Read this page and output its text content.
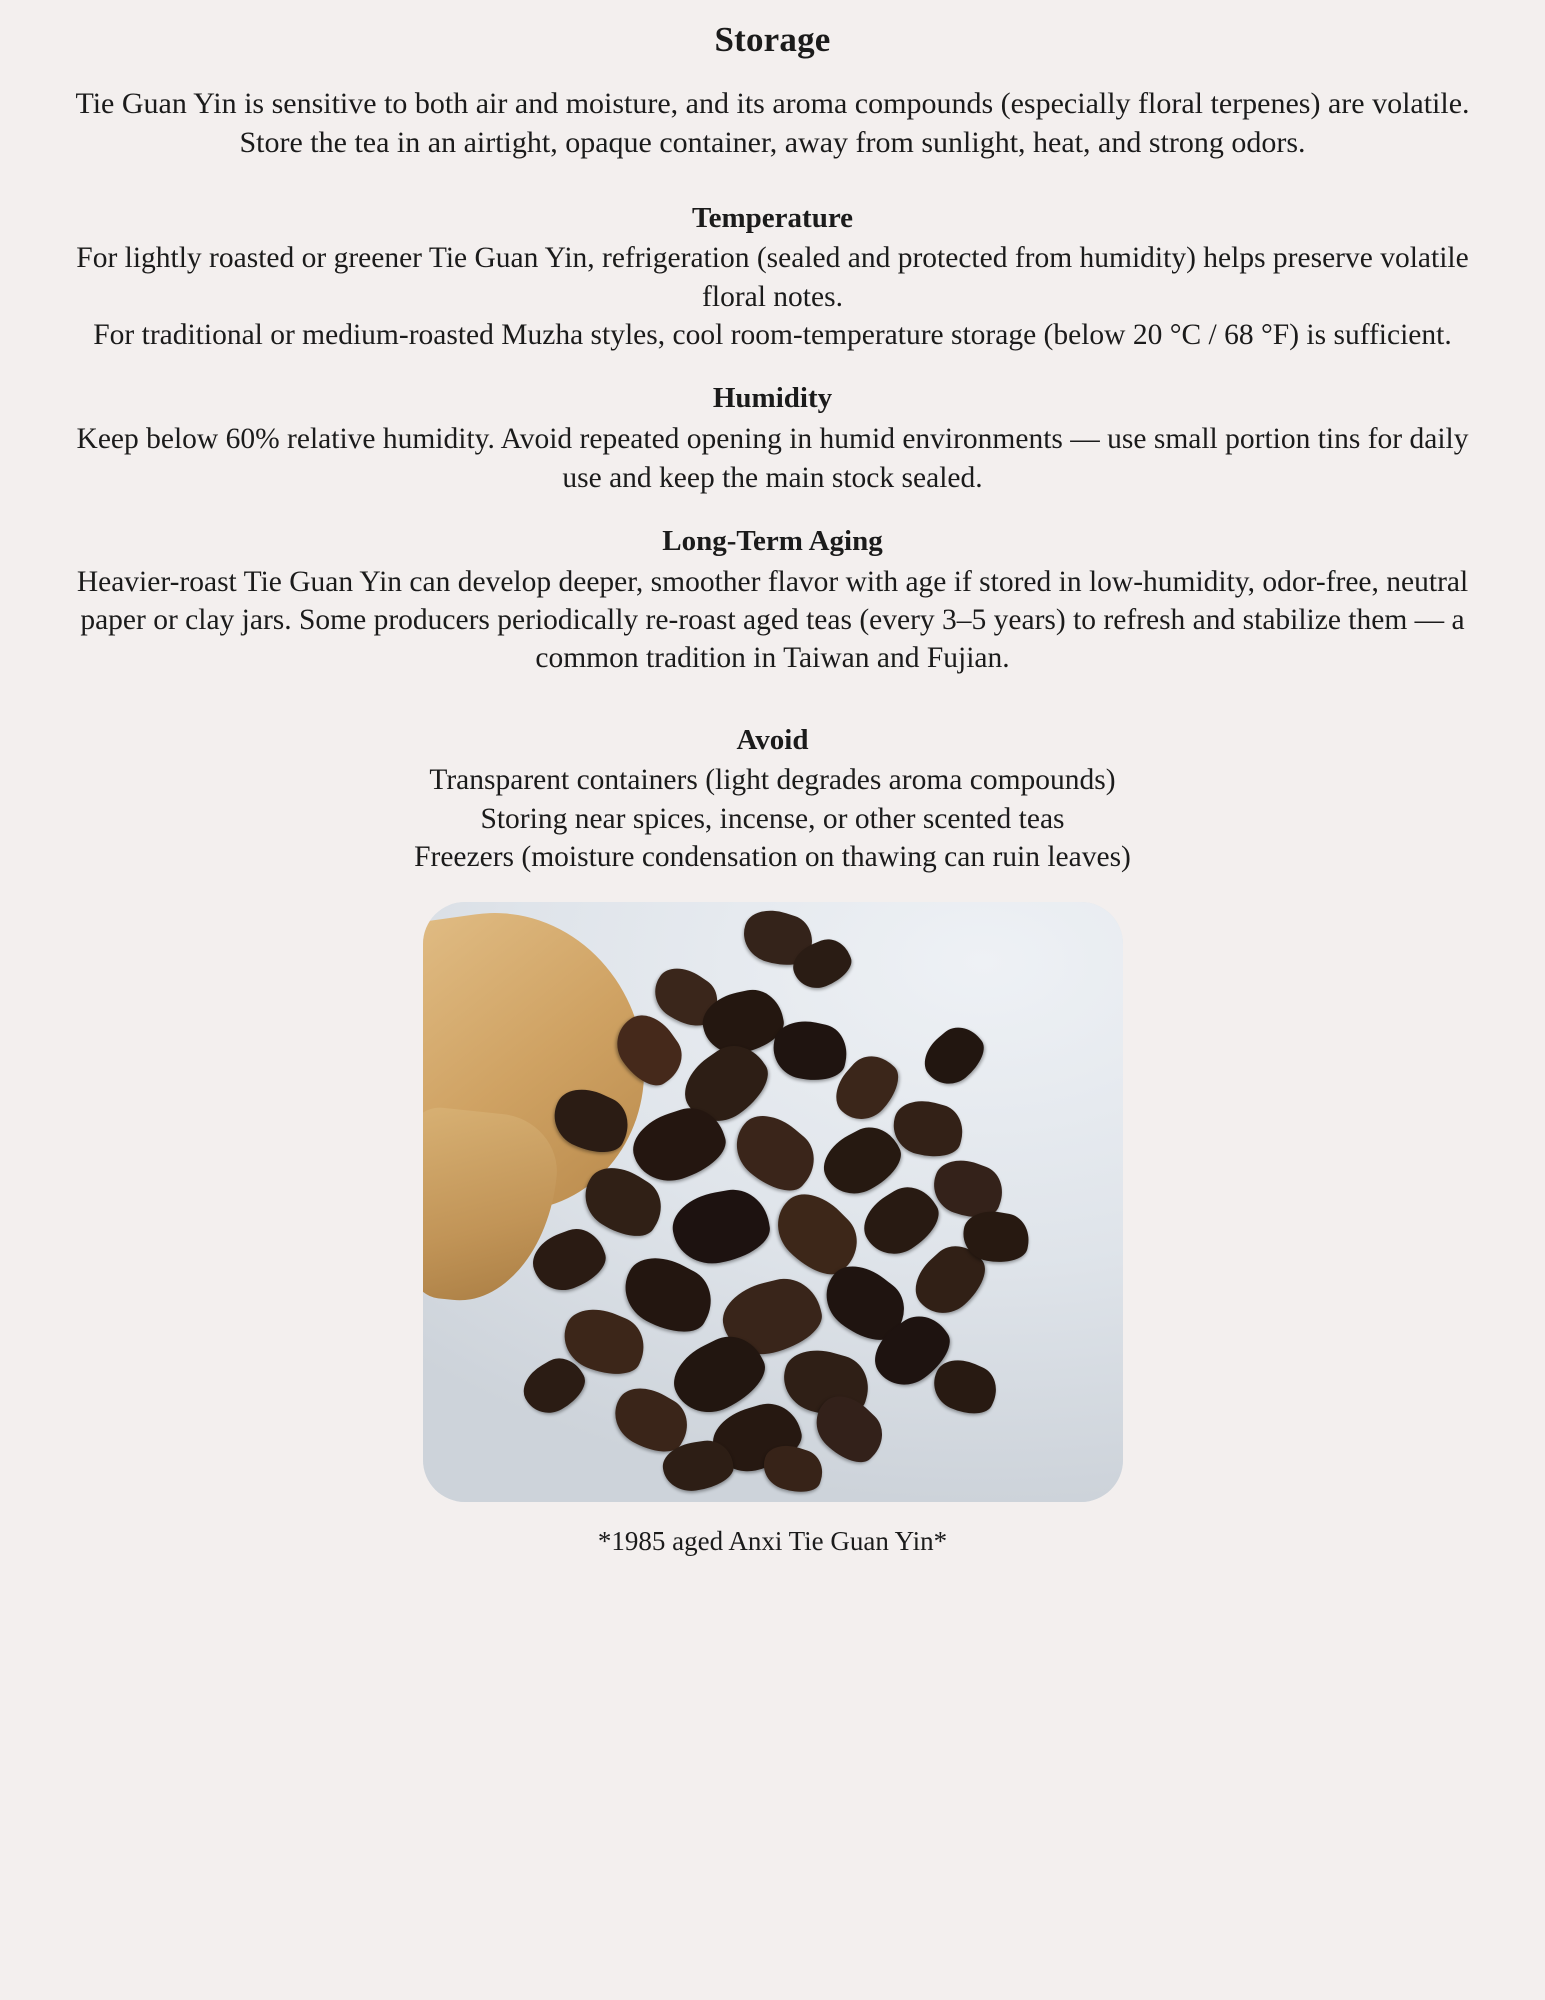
Storage

Tie Guan Yin is sensitive to both air and moisture, and its aroma compounds (especially floral terpenes) are volatile. Store the tea in an airtight, opaque container, away from sunlight, heat, and strong odors.

Temperature
For lightly roasted or greener Tie Guan Yin, refrigeration (sealed and protected from humidity) helps preserve volatile floral notes.
For traditional or medium-roasted Muzha styles, cool room-temperature storage (below 20 °C / 68 °F) is sufficient.
Humidity
Keep below 60% relative humidity. Avoid repeated opening in humid environments — use small portion tins for daily use and keep the main stock sealed.
Long-Term Aging
Heavier-roast Tie Guan Yin can develop deeper, smoother flavor with age if stored in low-humidity, odor-free, neutral paper or clay jars. Some producers periodically re-roast aged teas (every 3–5 years) to refresh and stabilize them — a common tradition in Taiwan and Fujian.
Avoid
Transparent containers (light degrades aroma compounds)
Storing near spices, incense, or other scented teas
Freezers (moisture condensation on thawing can ruin leaves)
*1985 aged Anxi Tie Guan Yin*
